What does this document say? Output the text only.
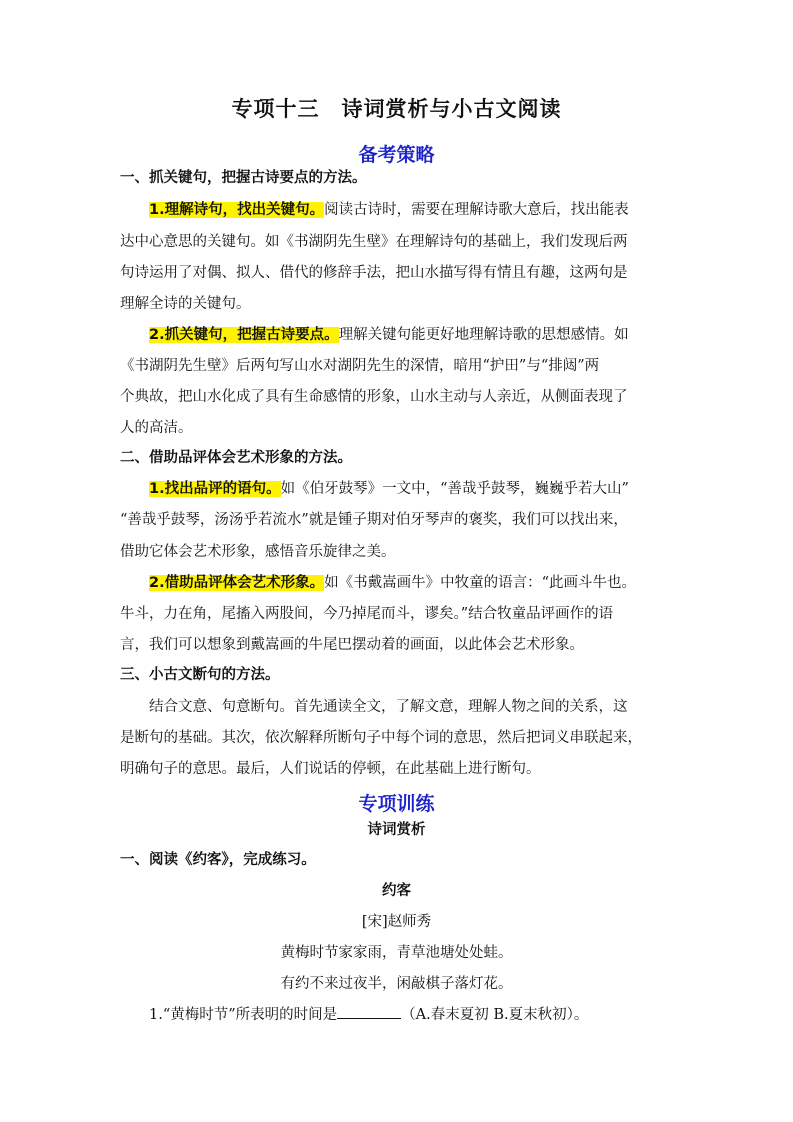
专项十三　诗词赏析与小古文阅读
备考策略
一、抓关键句，把握古诗要点的方法。
1.理解诗句，找出关键句。阅读古诗时，需要在理解诗歌大意后，找出能表
达中心意思的关键句。如《书湖阴先生壁》在理解诗句的基础上，我们发现后两
句诗运用了对偶、拟人、借代的修辞手法，把山水描写得有情且有趣，这两句是
理解全诗的关键句。
2.抓关键句，把握古诗要点。理解关键句能更好地理解诗歌的思想感情。如
《书湖阴先生壁》后两句写山水对湖阴先生的深情，暗用“护田”与“排闼”两
个典故，把山水化成了具有生命感情的形象，山水主动与人亲近，从侧面表现了
人的高洁。
二、借助品评体会艺术形象的方法。
1.找出品评的语句。如《伯牙鼓琴》一文中，“善哉乎鼓琴，巍巍乎若大山”
“善哉乎鼓琴，汤汤乎若流水”就是锺子期对伯牙琴声的褒奖，我们可以找出来，
借助它体会艺术形象，感悟音乐旋律之美。
2.借助品评体会艺术形象。如《书戴嵩画牛》中牧童的语言：“此画斗牛也。
牛斗，力在角，尾搐入两股间，今乃掉尾而斗，谬矣。”结合牧童品评画作的语
言，我们可以想象到戴嵩画的牛尾巴摆动着的画面，以此体会艺术形象。
三、小古文断句的方法。
结合文意、句意断句。首先通读全文，了解文意，理解人物之间的关系，这
是断句的基础。其次，依次解释所断句子中每个词的意思，然后把词义串联起来，
明确句子的意思。最后，人们说话的停顿，在此基础上进行断句。
专项训练
诗词赏析
一、阅读《约客》，完成练习。
约客
[宋]赵师秀
黄梅时节家家雨，青草池塘处处蛙。
有约不来过夜半，闲敲棋子落灯花。
1.“黄梅时节”所表明的时间是	（A.春末夏初 B.夏末秋初）。
